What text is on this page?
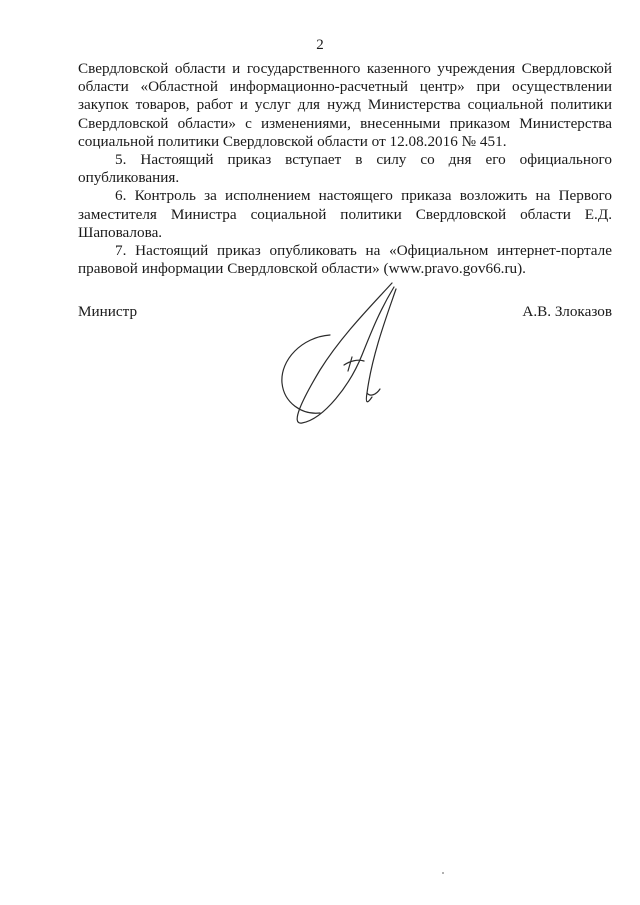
2

Свердловской области и государственного казенного учреждения Свердловской области «Областной информационно-расчетный центр» при осуществлении закупок товаров, работ и услуг для нужд Министерства социальной политики Свердловской области» с изменениями, внесенными приказом Министерства социальной политики Свердловской области от 12.08.2016 № 451.

5. Настоящий приказ вступает в силу со дня его официального опубликования.

6. Контроль за исполнением настоящего приказа возложить на Первого заместителя Министра социальной политики Свердловской области Е.Д. Шаповалова.

7. Настоящий приказ опубликовать на «Официальном интернет-портале правовой информации Свердловской области» (www.pravo.gov66.ru).

Министр	А.В. Злоказов
